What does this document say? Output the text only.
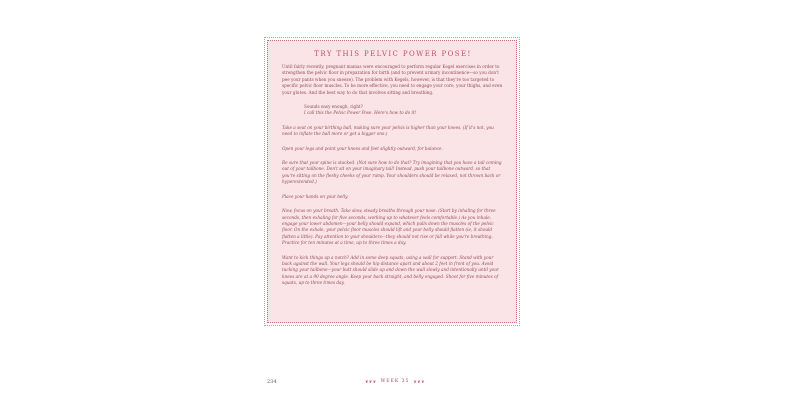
TRY THIS PELVIC POWER POSE!

Until fairly recently, pregnant mamas were encouraged to perform regular Kegel exercises in order to strengthen the pelvic floor in preparation for birth (and to prevent urinary incontinence—so you don't pee your pants when you sneeze). The problem with Kegels, however, is that they're too targeted to specific pelvic floor muscles. To be more effective, you need to engage your core, your thighs, and even your glutes. And the best way to do that involves sitting and breathing.

Sounds easy enough, right?

I call this the Pelvic Power Pose. Here's how to do it!

Take a seat on your birthing ball, making sure your pelvis is higher than your knees. (If it's not, you need to inflate the ball more or get a bigger one.)

Open your legs and point your knees and feet slightly outward, for balance.

Be sure that your spine is stacked. (Not sure how to do that? Try imagining that you have a tail coming out of your tailbone. Don't sit on your imaginary tail! Instead, push your tailbone outward, so that you're sitting on the fleshy cheeks of your rump. Your shoulders should be relaxed, not thrown back or hyperextended.)

Place your hands on your belly.

Now, focus on your breath. Take slow, steady breaths through your nose. (Start by inhaling for three seconds, then exhaling for five seconds, working up to whatever feels comfortable.) As you inhale, engage your lower abdomen—your belly should expand, which pulls down the muscles of the pelvic floor. On the exhale, your pelvic floor muscles should lift and your belly should flatten (ie, it should flatten a little). Pay attention to your shoulders—they should not rise or fall while you're breathing. Practice for ten minutes at a time, up to three times a day.

Want to kick things up a notch? Add in some deep squats, using a wall for support. Stand with your back against the wall. Your legs should be hip distance apart and about 2 feet in front of you. Avoid tucking your tailbone—your butt should slide up and down the wall slowly and intentionally until your knees are at a 90 degree angle. Keep your back straight, and belly engaged. Shoot for five minutes of squats, up to three times day.

234	❦❦❦ WEEK 35 ❦❦❦
